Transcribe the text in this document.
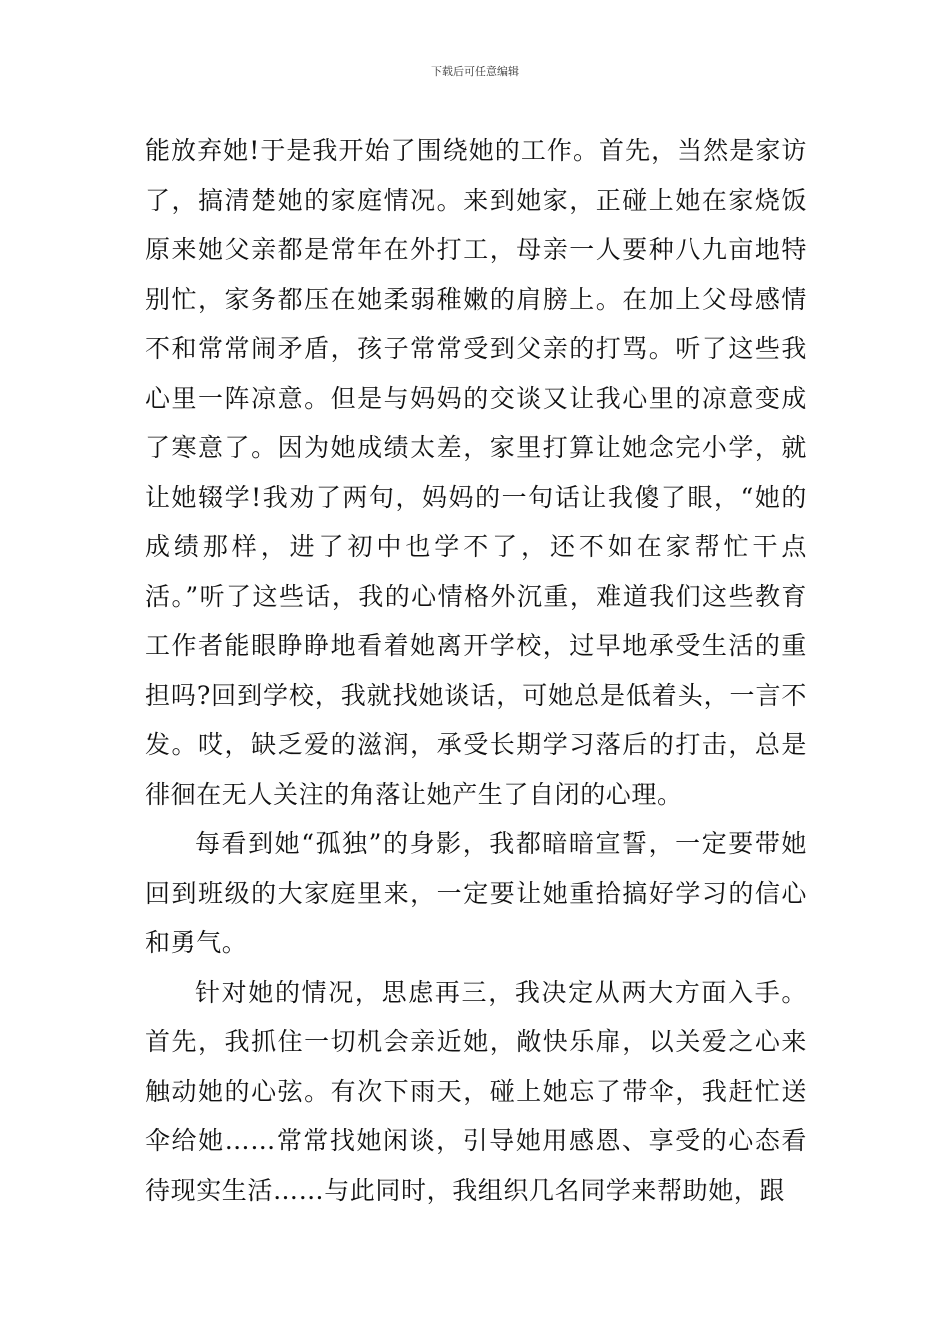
下载后可任意编辑

能放弃她!于是我开始了围绕她的工作。首先，当然是家访了，搞清楚她的家庭情况。来到她家，正碰上她在家烧饭原来她父亲都是常年在外打工，母亲一人要种八九亩地特别忙，家务都压在她柔弱稚嫩的肩膀上。在加上父母感情不和常常闹矛盾，孩子常常受到父亲的打骂。听了这些我心里一阵凉意。但是与妈妈的交谈又让我心里的凉意变成了寒意了。因为她成绩太差，家里打算让她念完小学，就让她辍学!我劝了两句，妈妈的一句话让我傻了眼，“她的成绩那样，进了初中也学不了，还不如在家帮忙干点活。”听了这些话，我的心情格外沉重，难道我们这些教育工作者能眼睁睁地看着她离开学校，过早地承受生活的重担吗?回到学校，我就找她谈话，可她总是低着头，一言不发。哎，缺乏爱的滋润，承受长期学习落后的打击，总是徘徊在无人关注的角落让她产生了自闭的心理。

每看到她“孤独”的身影，我都暗暗宣誓，一定要带她回到班级的大家庭里来，一定要让她重拾搞好学习的信心和勇气。

针对她的情况，思虑再三，我决定从两大方面入手。首先，我抓住一切机会亲近她，敞快乐扉，以关爱之心来触动她的心弦。有次下雨天，碰上她忘了带伞，我赶忙送伞给她……常常找她闲谈，引导她用感恩、享受的心态看待现实生活……与此同时，我组织几名同学来帮助她，跟
